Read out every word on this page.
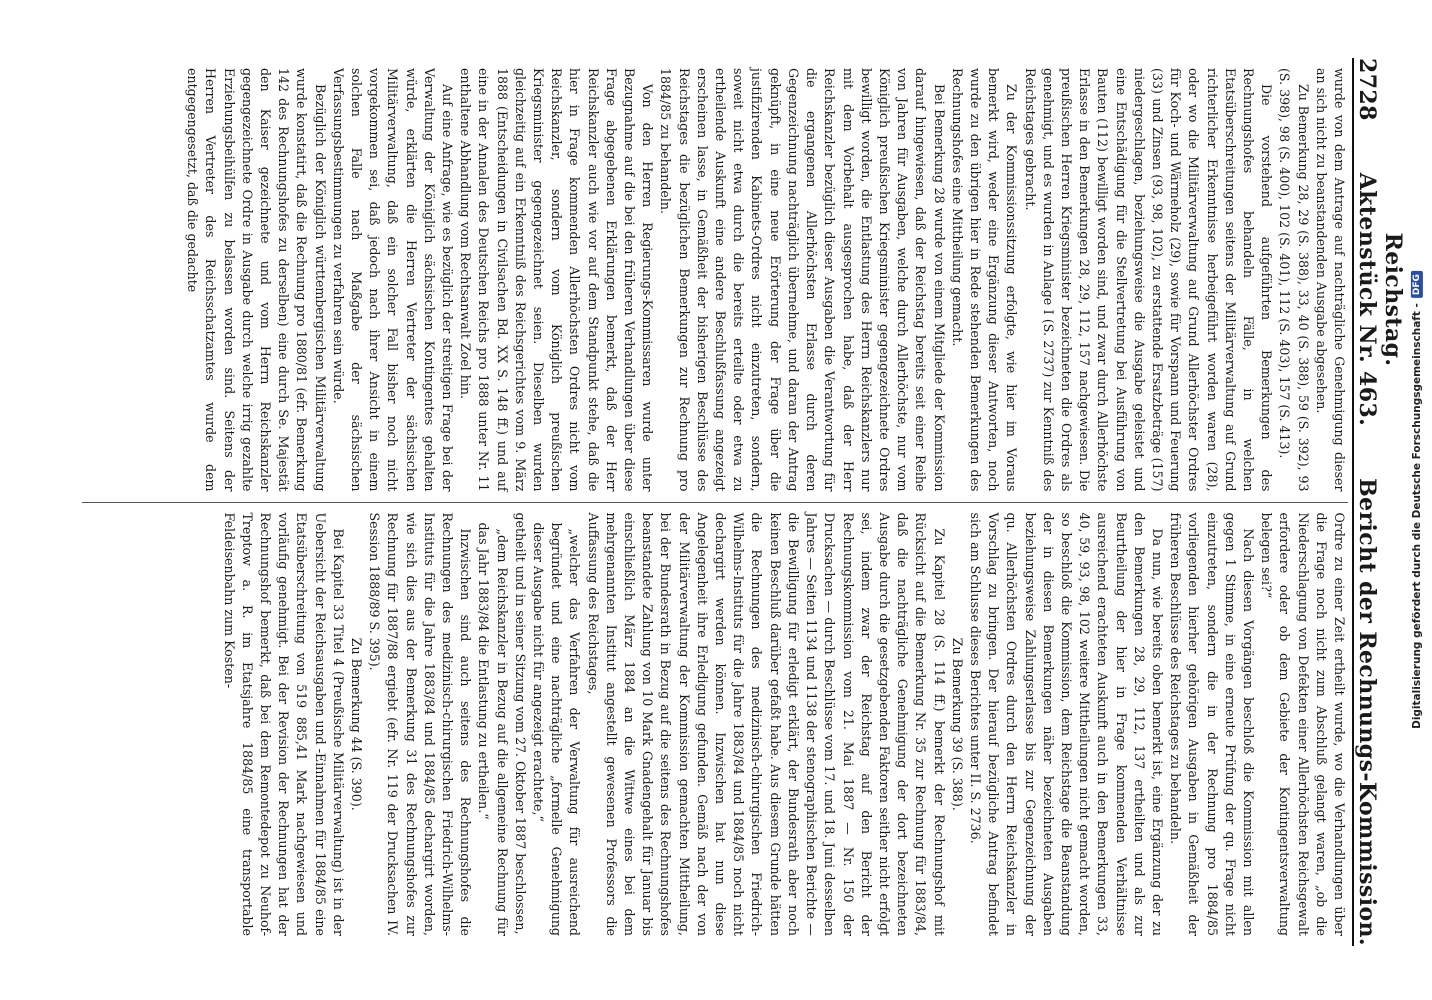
2728
Reichstag. Aktenstück Nr. 463.
Bericht der Rechnungs-Kommission.

wurde von dem Antrage auf nachträgliche Genehmigung dieser an sich nicht zu beanstandenden Ausgabe abgesehen.

Zu Bemerkung 28, 29 (S. 388), 33, 40 (S. 388), 59 (S. 392), 93 (S. 398), 98 (S. 400), 102 (S. 401), 112 (S. 403), 157 (S. 413).

Die vorstehend aufgeführten Bemerkungen des Rechnungshofes behandeln Fälle, in welchen Etatsüberschreitungen seitens der Militärverwaltung auf Grund richterlicher Erkenntnisse herbeigeführt worden waren (28), oder wo die Militärverwaltung auf Grund Allerhöchster Ordres für Koch- und Wärmeholz (29), sowie für Vorspann und Feuerung (33) und Zinsen (93, 98, 102), zu erstattende Ersatzbeträge (157) niedergeschlagen, beziehungsweise die Ausgabe geleistet und eine Entschädigung für die Stellvertretung bei Ausführung von Bauten (112) bewilligt worden sind, und zwar durch Allerhöchste Erlasse in den Bemerkungen 28, 29, 112, 157 nachgewiesen. Die preußischen Herren Kriegsminister bezeichneten die Ordres als genehmigt, und es wurden in Anlage I (S. 2737) zur Kenntniß des Reichstages gebracht.

Zu der Kommissionssitzung erfolgte, wie hier im Voraus bemerkt wird, weder eine Ergänzung dieser Antworten, noch wurde zu den übrigen hier in Rede stehenden Bemerkungen des Rechnungshofes eine Mittheilung gemacht.

Bei Bemerkung 28 wurde von einem Mitgliede der Kommission darauf hingewiesen, daß der Reichstag bereits seit einer Reihe von Jahren für Ausgaben, welche durch Allerhöchste, nur vom Königlich preußischen Kriegsminister gegengezeichnete Ordres bewilligt worden, die Entlastung des Herrn Reichskanzlers nur mit dem Vorbehalt ausgesprochen habe, daß der Herr Reichskanzler bezüglich dieser Ausgaben die Verantwortung für die ergangenen Allerhöchsten Erlasse durch deren Gegenzeichnung nachträglich übernehme, und daran der Antrag geknüpft, in eine neue Erörterung der Frage über die justifizirenden Kabinets-Ordres nicht einzutreten, sondern, soweit nicht etwa durch die bereits erteilte oder etwa zu ertheilende Auskunft eine andere Beschlußfassung angezeigt erscheinen lasse, in Gemäßheit der bisherigen Beschlüsse des Reichstages die bezüglichen Bemerkungen zur Rechnung pro 1884/85 zu behandeln.

Von den Herren Regierungs-Kommissaren wurde unter Bezugnahme auf die bei den früheren Verhandlungen über diese Frage abgegebenen Erklärungen bemerkt, daß der Herr Reichskanzler auch wie vor auf dem Standpunkt stehe, daß die hier in Frage kommenden Allerhöchsten Ordres nicht vom Reichskanzler, sondern vom Königlich preußischen Kriegsminister gegengezeichnet seien. Dieselben wurden gleichzeitig auf ein Erkenntniß des Reichsgerichtes vom 9. März 1888 (Entscheidungen in Civilsachen Bd. XX S. 148 ff.) und auf eine in der Annalen des Deutschen Reichs pro 1888 unter Nr. 11 enthaltene Abhandlung vom Rechtsanwalt Zoel hin.

Auf eine Anfrage, wie es bezüglich der streitigen Frage bei der Verwaltung der Königlich sächsischen Kontingentes gehalten würde, erklärten die Herren Vertreter der sächsischen Militärverwaltung, daß ein solcher Fall bisher noch nicht vorgekommen sei, daß jedoch nach ihrer Ansicht in einem solchen Falle nach Maßgabe der sächsischen Verfassungsbestimmungen zu verfahren sein würde.

Bezüglich der Königlich württembergischen Militärverwaltung wurde konstatirt, daß die Rechnung pro 1880/81 (efr. Bemerkung 142 des Rechnungshofes zu derselben) eine durch Se. Majestät den Kaiser gezeichnete und vom Herrn Reichskanzler gegengezeichnete Ordre in Ausgabe durch welche irrig gezahlte Erziehungsbeihülfen zu belassen worden sind. Seitens der Herren Vertreter des Reichsschatzamtes wurde dem entgegengesetzt, daß die gedachte

Ordre zu einer Zeit ertheilt wurde, wo die Verhandlungen über die Frage noch nicht zum Abschluß gelangt waren, „ob die Niederschlagung von Defekten einer Allerhöchsten Reichsgewalt erfordere oder ob dem Gebiete der Kontingentsverwaltung belegen sei?“

Nach diesen Vorgängen beschloß die Kommission mit allen gegen 1 Stimme, in eine erneute Prüfung der qu. Frage nicht einzutreten, sondern die in der Rechnung pro 1884/85 vorliegenden hierher gehörigen Ausgaben in Gemäßheit der früheren Beschlüsse des Reichstages zu behandeln.

Da nun, wie bereits oben bemerkt ist, eine Ergänzung der zu den Bemerkungen 28, 29, 112, 137 ertheilten und als zur Beurtheilung der hier in Frage kommenden Verhältnisse ausreichend erachteten Auskunft auch in den Bemerkungen 33, 40, 59, 93, 98, 102 weitere Mittheilungen nicht gemacht worden, so beschloß die Kommission, dem Reichstage die Beanstandung der in diesen Bemerkungen näher bezeichneten Ausgaben beziehungsweise Zahlungserlasse bis zur Gegenzeichnung der qu. Allerhöchsten Ordres durch den Herrn Reichskanzler in Vorschlag zu bringen. Der hierauf bezügliche Antrag befindet sich am Schlusse dieses Berichtes unter II. S. 2736.

Zu Bemerkung 39 (S. 388).

Zu Kapitel 28 (S. 114 ff.) bemerkt der Rechnungshof mit Rücksicht auf die Bemerkung Nr. 35 zur Rechnung für 1883/84, daß die nachträgliche Genehmigung der dort bezeichneten Ausgabe durch die gesetzgebenden Faktoren seither nicht erfolgt sei, indem zwar der Reichstag auf den Bericht der Rechnungskommission vom 21. Mai 1887 — Nr. 150 der Drucksachen — durch Beschlüsse vom 17. und 18. Juni desselben Jahres — Seiten 1134 und 1138 der stenographischen Berichte — die Bewilligung für erledigt erklärt, der Bundesrath aber noch keinen Beschluß darüber gefaßt habe. Aus diesem Grunde hätten die Rechnungen des medizinisch-chirurgischen Friedrich-Wilhelms-Instituts für die Jahre 1883/84 und 1884/85 noch nicht dechargirt werden können. Inzwischen hat nun diese Angelegenheit ihre Erledigung gefunden. Gemäß nach der von der Militärverwaltung der Kommission gemachten Mittheilung, bei der Bundesrath in Bezug auf die seitens des Rechnungshofes beanstandete Zahlung von 10 Mark Gnadengehalt für Januar bis einschließlich März 1884 an die Wittwe eines bei dem mehrgenannten Institut angestellt gewesenen Professors die Auffassung des Reichstages,

„welcher das Verfahren der Verwaltung für ausreichend begründet und eine nachträgliche „formelle Genehmigung dieser Ausgabe nicht für angezeigt erachtete,“

getheilt und in seiner Sitzung vom 27. Oktober 1887 beschlossen,

„dem Reichskanzler in Bezug auf die allgemeine Rechnung für das Jahr 1883/84 die Entlastung zu ertheilen.“

Inzwischen sind auch seitens des Rechnungshofes die Rechnungen des medizinisch-chirurgischen Friedrich-Wilhelms-Instituts für die Jahre 1883/84 und 1884/85 dechargirt worden, wie sich dies aus der Bemerkung 31 des Rechnungshofes zur Rechnung für 1887/88 ergiebt (efr. Nr. 119 der Drucksachen IV. Session 1888/89 S. 395).

Zu Bemerkung 44 (S. 390).

Bei Kapitel 33 Titel 4 (Preußische Militärverwaltung) ist in der Uebersicht der Reichsausgaben und -Einnahmen für 1884/85 eine Etatsüberschreitung von 519 885,41 Mark nachgewiesen und vorläufig genehmigt. Bei der Revision der Rechnungen hat der Rechnungshof bemerkt, daß bei dem Remontedepot zu Neuhof-Treptow a. R. im Etatsjahre 1884/85 eine transportable Feldeisenbahn zum Kosten-	Digitalisierung gefördert durch die Deutsche Forschungsgemeinschaft -
DFG
